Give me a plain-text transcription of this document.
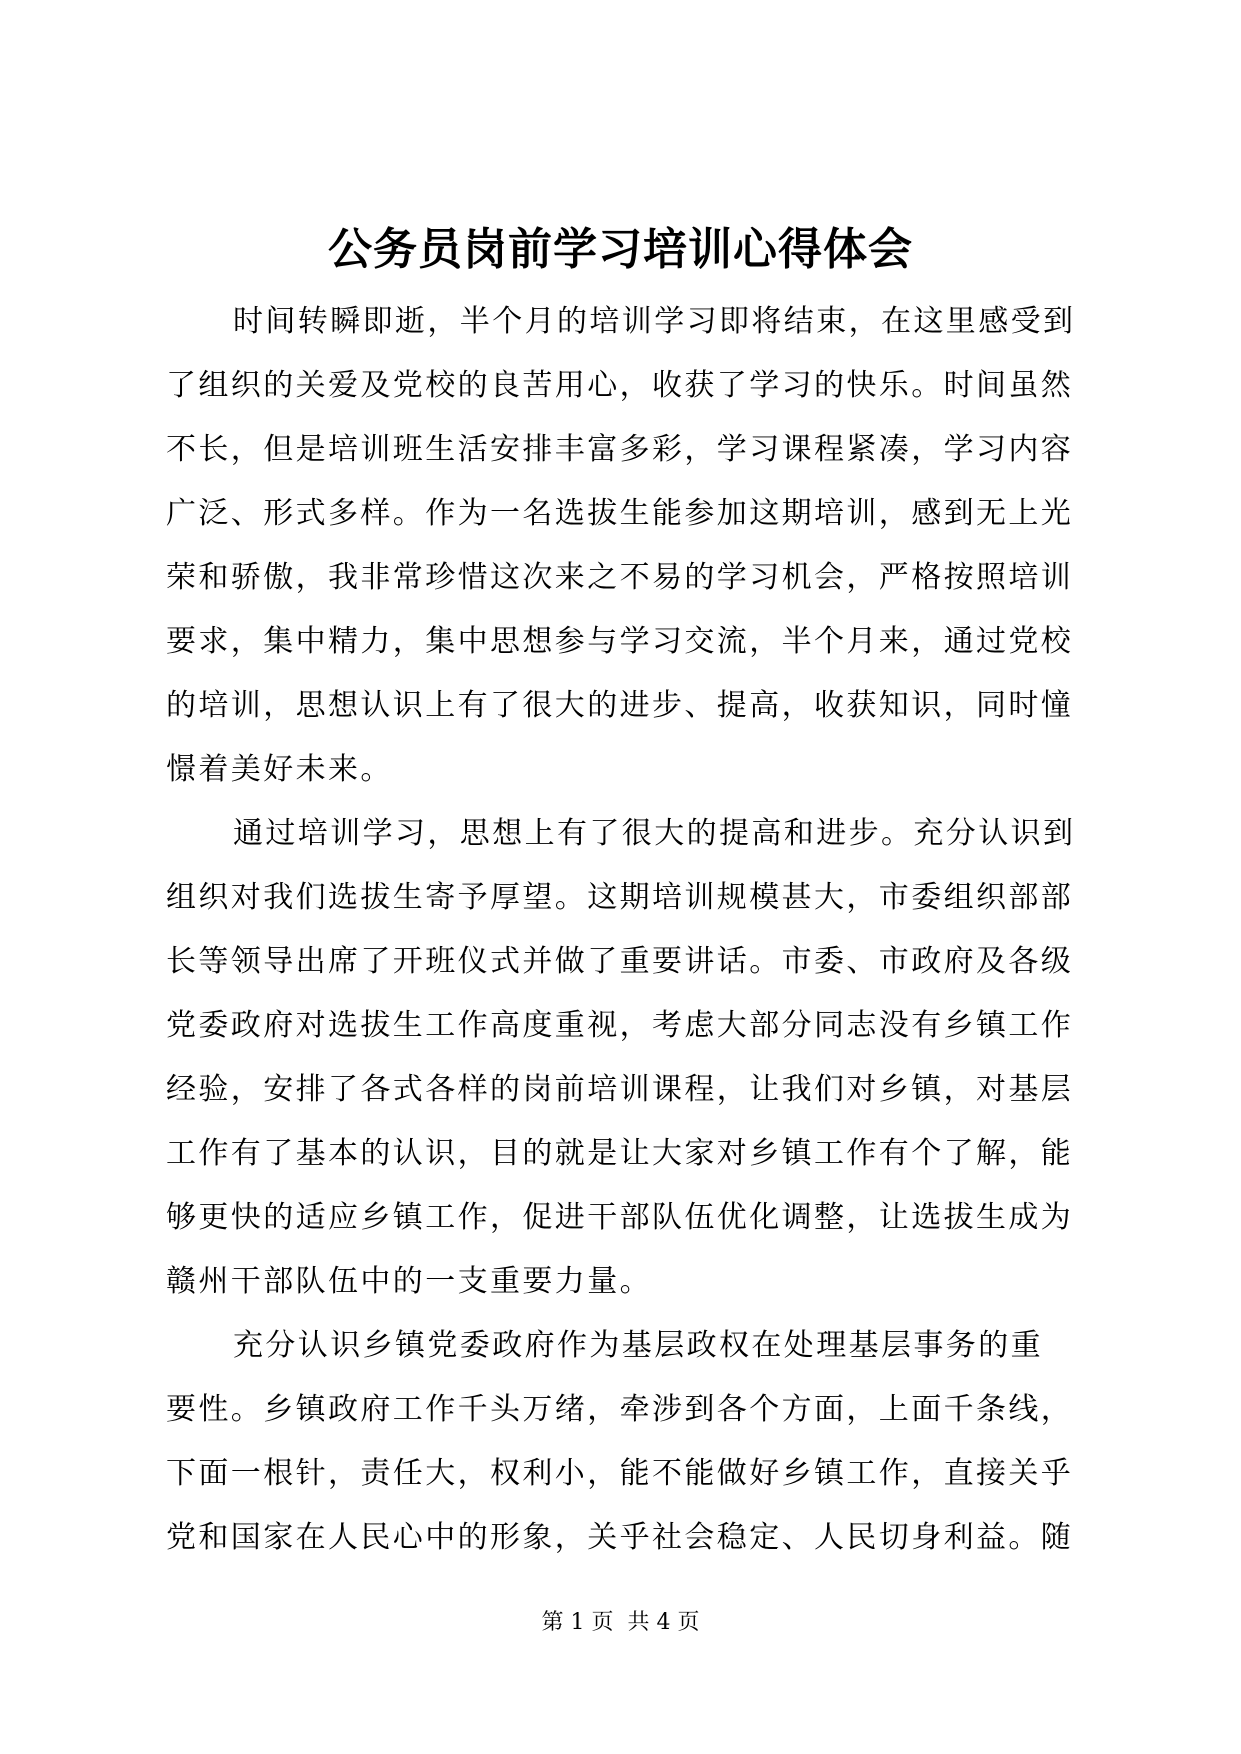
公务员岗前学习培训心得体会
时间转瞬即逝，半个月的培训学习即将结束，在这里感受到
了组织的关爱及党校的良苦用心，收获了学习的快乐。时间虽然
不长，但是培训班生活安排丰富多彩，学习课程紧凑，学习内容
广泛、形式多样。作为一名选拔生能参加这期培训，感到无上光
荣和骄傲，我非常珍惜这次来之不易的学习机会，严格按照培训
要求，集中精力，集中思想参与学习交流，半个月来，通过党校
的培训，思想认识上有了很大的进步、提高，收获知识，同时憧
憬着美好未来。
通过培训学习，思想上有了很大的提高和进步。充分认识到
组织对我们选拔生寄予厚望。这期培训规模甚大，市委组织部部
长等领导出席了开班仪式并做了重要讲话。市委、市政府及各级
党委政府对选拔生工作高度重视，考虑大部分同志没有乡镇工作
经验，安排了各式各样的岗前培训课程，让我们对乡镇，对基层
工作有了基本的认识，目的就是让大家对乡镇工作有个了解，能
够更快的适应乡镇工作，促进干部队伍优化调整，让选拔生成为
赣州干部队伍中的一支重要力量。
充分认识乡镇党委政府作为基层政权在处理基层事务的重
要性。乡镇政府工作千头万绪，牵涉到各个方面，上面千条线，
下面一根针，责任大，权利小，能不能做好乡镇工作，直接关乎
党和国家在人民心中的形象，关乎社会稳定、人民切身利益。随
第 1 页  共 4 页
